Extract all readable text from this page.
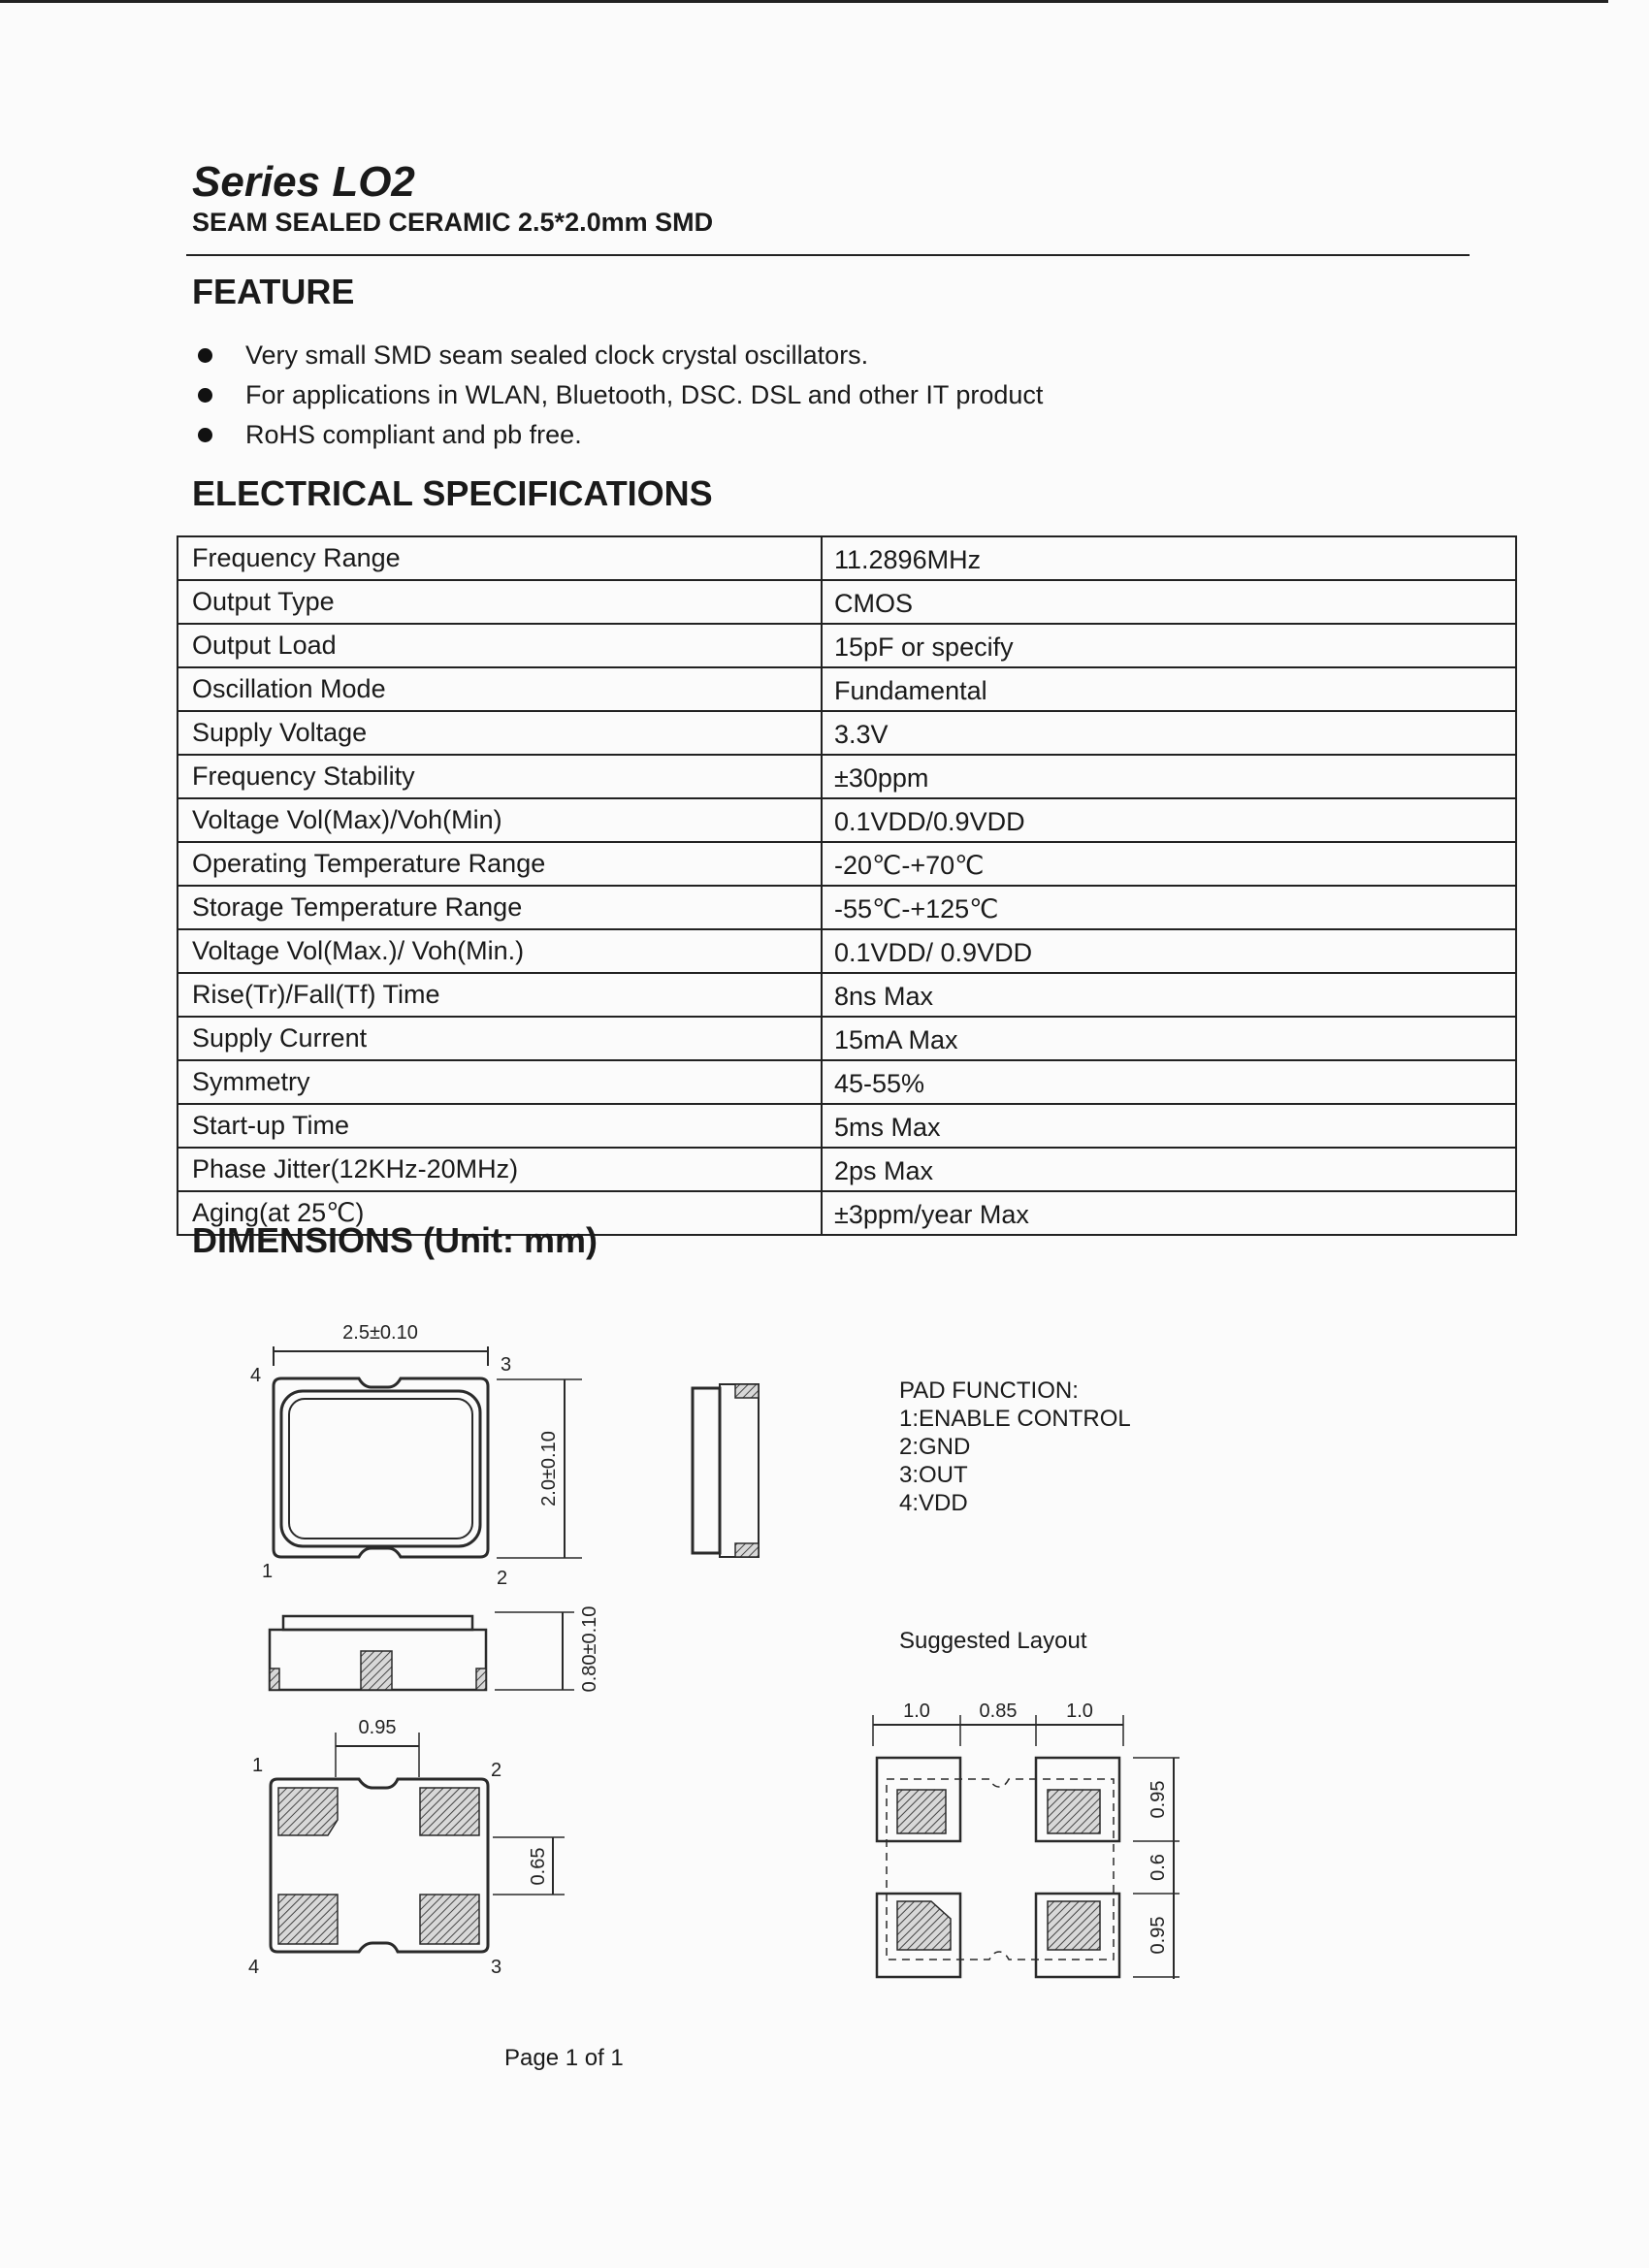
Series LO2

SEAM SEALED CERAMIC 2.5*2.0mm SMD

FEATURE
Very small SMD seam sealed clock crystal oscillators.
For applications in WLAN, Bluetooth, DSC. DSL and other IT product
RoHS compliant and pb free.
ELECTRICAL SPECIFICATIONS
Frequency Range	11.2896MHz
Output Type	CMOS
Output Load	15pF or specify
Oscillation Mode	Fundamental
Supply Voltage	3.3V
Frequency Stability	±30ppm
Voltage Vol(Max)/Voh(Min)	0.1VDD/0.9VDD
Operating Temperature Range	-20℃-+70℃
Storage Temperature Range	-55℃-+125℃
Voltage Vol(Max.)/ Voh(Min.)	0.1VDD/ 0.9VDD
Rise(Tr)/Fall(Tf) Time	8ns Max
Supply Current	15mA Max
Symmetry	45-55%
Start-up Time	5ms Max
Phase Jitter(12KHz-20MHz)	2ps Max
Aging(at 25℃)	±3ppm/year Max
DIMENSIONS (Unit: mm)
2.5±0.10
2.0±0.10
4	3
1	2
0.80±0.10
0.95
0.65
1	2
4	3
1.0	0.85	1.0
0.95
0.6
0.95
PAD FUNCTION:
1:ENABLE CONTROL
2:GND
3:OUT
4:VDD
Suggested Layout
Page 1 of 1
